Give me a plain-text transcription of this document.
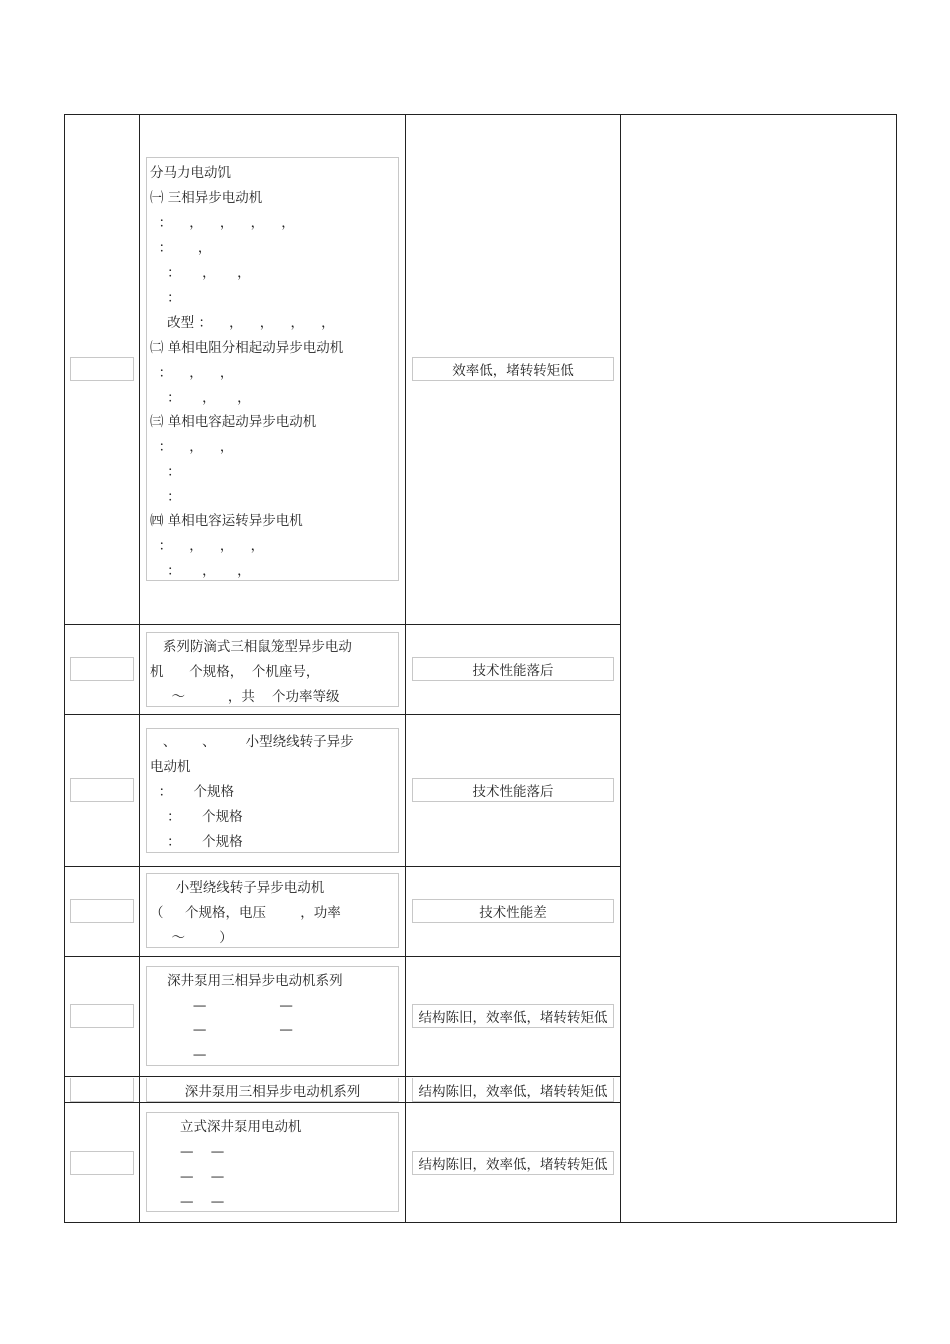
分马力电动饥
㈠ 三相异步电动机
：    ，    ，    ，    ，
：      ，
：     ，     ，
：
改型 ：    ，    ，    ，    ，
㈡ 单相电阻分相起动异步电动机
：    ，    ，
：     ，     ，
㈢ 单相电容起动异步电动机
：    ，    ，
：
：
㈣ 单相电容运转异步电机
：    ，    ，    ，
：     ，     ，
效率低，堵转转矩低
系列防滴式三相鼠笼型异步电动
机      个规格，  个机座号，
～          ，共    个功率等级
技术性能落后
、      、       小型绕线转子异步
电动机
：     个规格
：     个规格
：     个规格
技术性能落后
小型绕线转子异步电动机
（     个规格，电压        ，功率
～        ）
技术性能差
深井泵用三相异步电动机系列
—                 —
—                 —
—
结构陈旧，效率低，堵转转矩低
深井泵用三相异步电动机系列	结构陈旧，效率低，堵转转矩低
立式深井泵用电动机
—    —
—    —
—    —
结构陈旧，效率低，堵转转矩低
